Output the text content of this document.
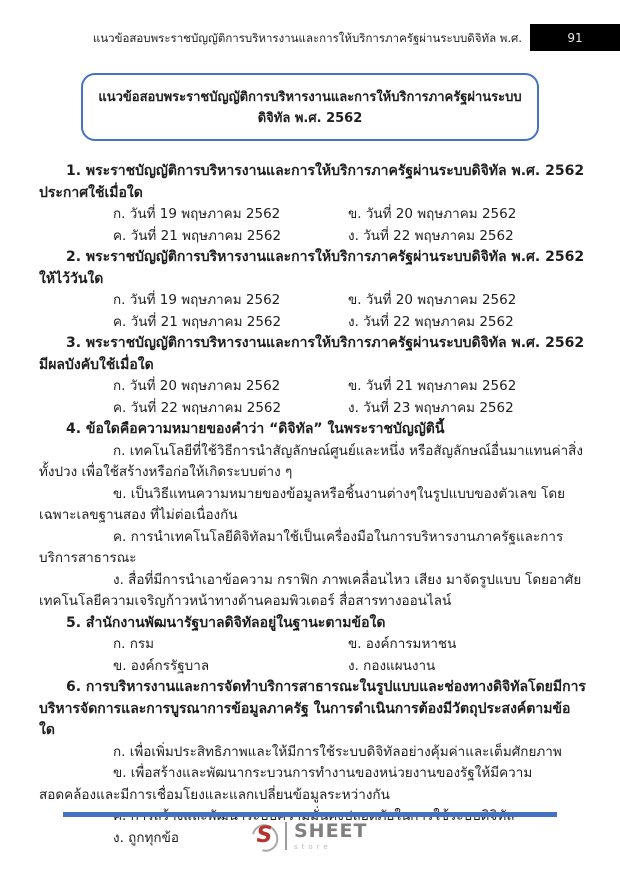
แนวข้อสอบพระราชบัญญัติการบริหารงานและการให้บริการภาครัฐผ่านระบบดิจิทัล พ.ศ.	91
แนวข้อสอบพระราชบัญญัติการบริหารงานและการให้บริการภาครัฐผ่านระบบดิจิทัล พ.ศ. 2562

1. พระราชบัญญัติการบริหารงานและการให้บริการภาครัฐผ่านระบบดิจิทัล พ.ศ. 2562 ประกาศใช้เมื่อใด

ก. วันที่ 19 พฤษภาคม 2562	ข. วันที่ 20 พฤษภาคม 2562
ค. วันที่ 21 พฤษภาคม 2562	ง. วันที่ 22 พฤษภาคม 2562

2. พระราชบัญญัติการบริหารงานและการให้บริการภาครัฐผ่านระบบดิจิทัล พ.ศ. 2562 ให้ไว้วันใด

ก. วันที่ 19 พฤษภาคม 2562	ข. วันที่ 20 พฤษภาคม 2562
ค. วันที่ 21 พฤษภาคม 2562	ง. วันที่ 22 พฤษภาคม 2562

3. พระราชบัญญัติการบริหารงานและการให้บริการภาครัฐผ่านระบบดิจิทัล พ.ศ. 2562 มีผลบังคับใช้เมื่อใด

ก. วันที่ 20 พฤษภาคม 2562	ข. วันที่ 21 พฤษภาคม 2562
ค. วันที่ 22 พฤษภาคม 2562	ง. วันที่ 23 พฤษภาคม 2562

4. ข้อใดคือความหมายของคำว่า “ดิจิทัล” ในพระราชบัญญัตินี้

ก. เทคโนโลยีที่ใช้วิธีการนำสัญลักษณ์ศูนย์และหนึ่ง หรือสัญลักษณ์อื่นมาแทนค่าสิ่งทั้งปวง เพื่อใช้สร้างหรือก่อให้เกิดระบบต่าง ๆ

ข. เป็นวิธีแทนความหมายของข้อมูลหรือชิ้นงานต่างๆในรูปแบบของตัวเลข โดยเฉพาะเลขฐานสอง ที่ไม่ต่อเนื่องกัน

ค. การนำเทคโนโลยีดิจิทัลมาใช้เป็นเครื่องมือในการบริหารงานภาครัฐและการบริการสาธารณะ

ง. สื่อที่มีการนำเอาข้อความ กราฟิก ภาพเคลื่อนไหว เสียง มาจัดรูปแบบ โดยอาศัยเทคโนโลยีความเจริญก้าวหน้าทางด้านคอมพิวเตอร์ สื่อสารทางออนไลน์

5. สำนักงานพัฒนารัฐบาลดิจิทัลอยู่ในฐานะตามข้อใด

ก. กรม	ข. องค์การมหาชน
ข. องค์กรรัฐบาล	ง. กองแผนงาน

6. การบริหารงานและการจัดทำบริการสาธารณะในรูปแบบและช่องทางดิจิทัลโดยมีการบริหารจัดการและการบูรณาการข้อมูลภาครัฐ ในการดำเนินการต้องมีวัตถุประสงค์ตามข้อใด

ก. เพื่อเพิ่มประสิทธิภาพและให้มีการใช้ระบบดิจิทัลอย่างคุ้มค่าและเต็มศักยภาพ

ข. เพื่อสร้างและพัฒนากระบวนการทำงานของหน่วยงานของรัฐให้มีความสอดคล้องและมีการเชื่อมโยงและแลกเปลี่ยนข้อมูลระหว่างกัน

ง. ถูกทุกข้อ	S SHEET
store
